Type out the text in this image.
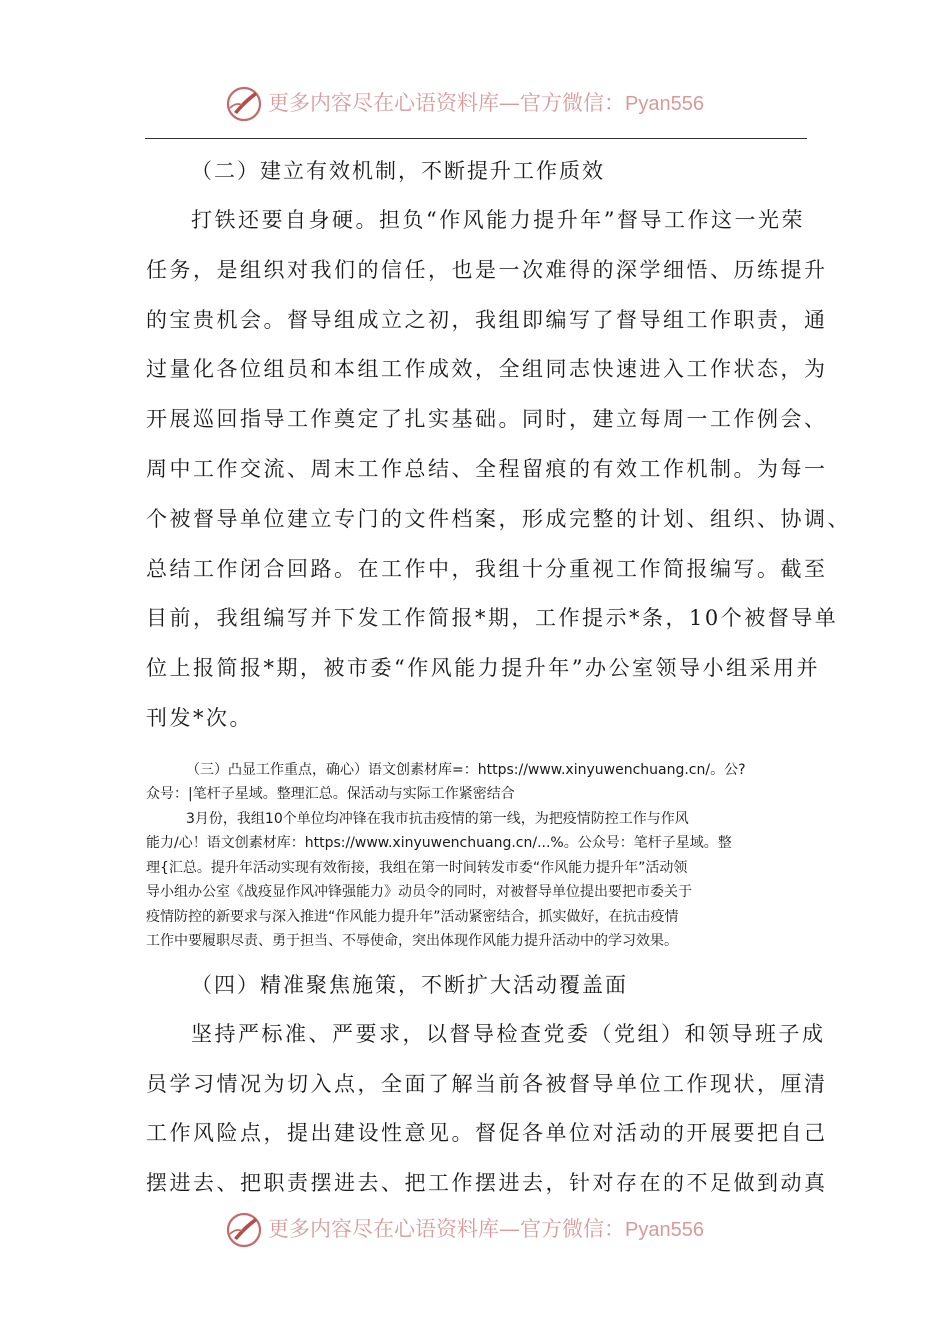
更多内容尽在心语资料库—官方微信：Pyan556
（二）建立有效机制，不断提升工作质效

打铁还要自身硬。担负“作风能力提升年”督导工作这一光荣
任务，是组织对我们的信任，也是一次难得的深学细悟、历练提升
的宝贵机会。督导组成立之初，我组即编写了督导组工作职责，通
过量化各位组员和本组工作成效，全组同志快速进入工作状态，为
开展巡回指导工作奠定了扎实基础。同时，建立每周一工作例会、
周中工作交流、周末工作总结、全程留痕的有效工作机制。为每一
个被督导单位建立专门的文件档案，形成完整的计划、组织、协调、
总结工作闭合回路。在工作中，我组十分重视工作简报编写。截至
目前，我组编写并下发工作简报*期，工作提示*条，10个被督导单
位上报简报*期，被市委“作风能力提升年”办公室领导小组采用并
刊发*次。

（三）凸显工作重点，确心）语文创素材库=：https://www.xinyuwenchuang.cn/。公?
众号：|笔杆子星域。整理汇总。保活动与实际工作紧密结合
3月份，我组10个单位均冲锋在我市抗击疫情的第一线，为把疫情防控工作与作风
能力/心！语文创素材库：https://www.xinyuwenchuang.cn/...%。公众号：笔杆子星域。整
理{汇总。提升年活动实现有效衔接，我组在第一时间转发市委“作风能力提升年”活动领
导小组办公室《战疫显作风冲锋强能力》动员令的同时，对被督导单位提出要把市委关于
疫情防控的新要求与深入推进“作风能力提升年”活动紧密结合，抓实做好，在抗击疫情
工作中要履职尽责、勇于担当、不辱使命，突出体现作风能力提升活动中的学习效果。
（四）精准聚焦施策，不断扩大活动覆盖面

坚持严标准、严要求，以督导检查党委（党组）和领导班子成
员学习情况为切入点，全面了解当前各被督导单位工作现状，厘清
工作风险点，提出建设性意见。督促各单位对活动的开展要把自己
摆进去、把职责摆进去、把工作摆进去，针对存在的不足做到动真

更多内容尽在心语资料库—官方微信：Pyan556
